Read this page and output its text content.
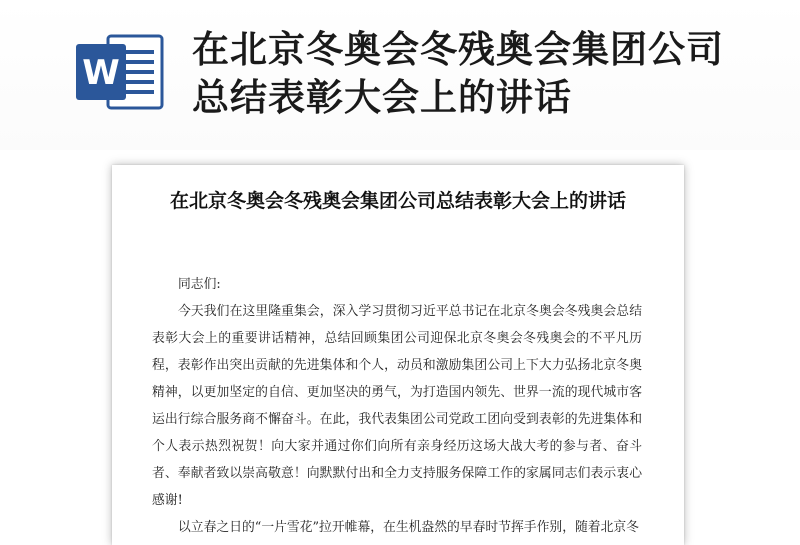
W
在北京冬奥会冬残奥会集团公司
总结表彰大会上的讲话
在北京冬奥会冬残奥会集团公司总结表彰大会上的讲话

同志们:

今天我们在这里隆重集会，深入学习贯彻习近平总书记在北京冬奥会冬残奥会总结表彰大会上的重要讲话精神，总结回顾集团公司迎保北京冬奥会冬残奥会的不平凡历程，表彰作出突出贡献的先进集体和个人，动员和激励集团公司上下大力弘扬北京冬奥精神，以更加坚定的自信、更加坚决的勇气，为打造国内领先、世界一流的现代城市客运出行综合服务商不懈奋斗。在此，我代表集团公司党政工团向受到表彰的先进集体和个人表示热烈祝贺！向大家并通过你们向所有亲身经历这场大战大考的参与者、奋斗者、奉献者致以崇高敬意！向默默付出和全力支持服务保障工作的家属同志们表示衷心感谢!

以立春之日的“一片雪花”拉开帷幕，在生机盎然的早春时节挥手作别，随着北京冬
